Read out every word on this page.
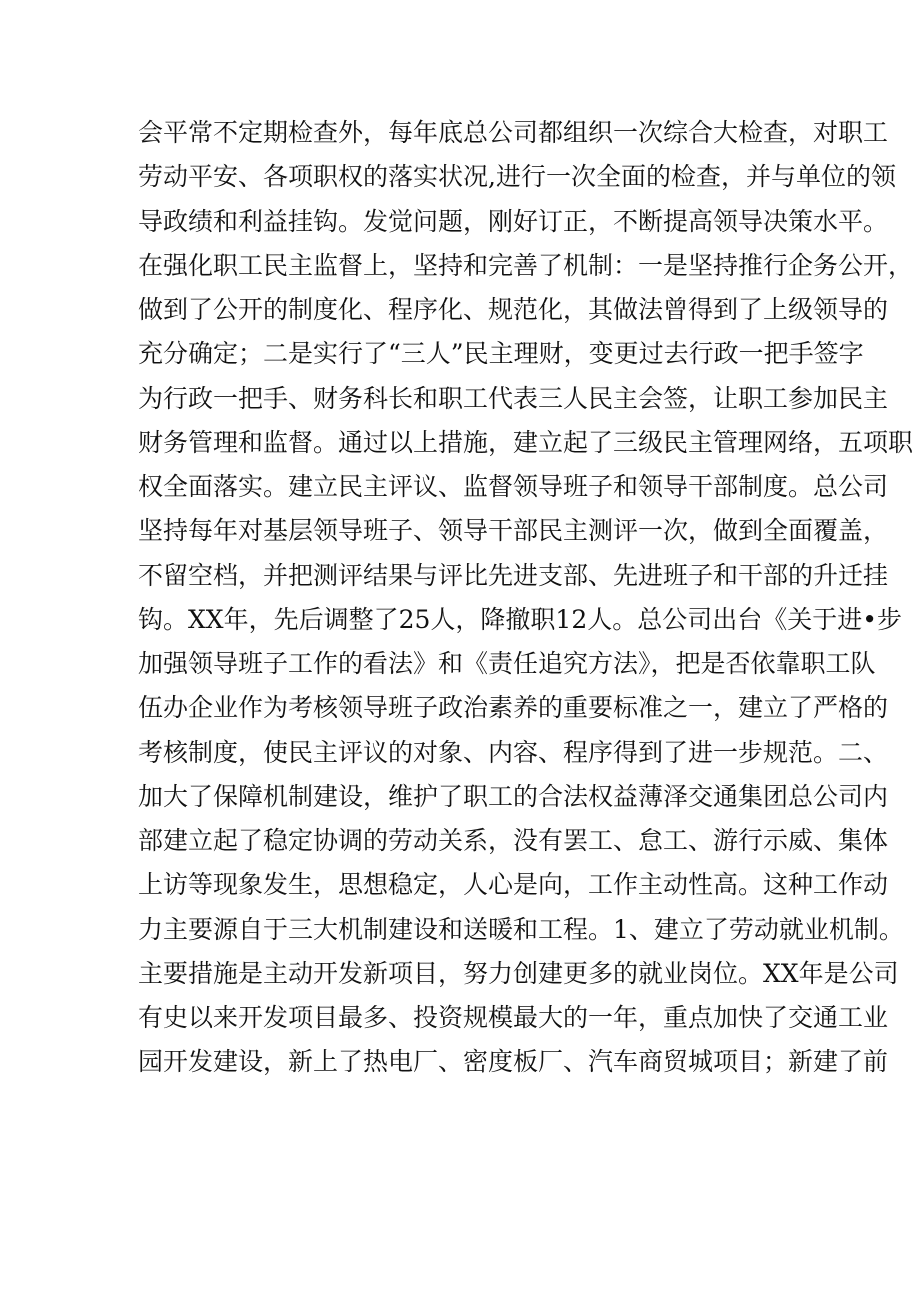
会平常不定期检查外，每年底总公司都组织一次综合大检查，对职工
劳动平安、各项职权的落实状况,进行一次全面的检查，并与单位的领
导政绩和利益挂钩。发觉问题，刚好订正，不断提高领导决策水平。
在强化职工民主监督上，坚持和完善了机制：一是坚持推行企务公开，
做到了公开的制度化、程序化、规范化，其做法曾得到了上级领导的
充分确定；二是实行了“三人”民主理财，变更过去行政一把手签字
为行政一把手、财务科长和职工代表三人民主会签，让职工参加民主
财务管理和监督。通过以上措施，建立起了三级民主管理网络，五项职
权全面落实。建立民主评议、监督领导班子和领导干部制度。总公司
坚持每年对基层领导班子、领导干部民主测评一次，做到全面覆盖，
不留空档，并把测评结果与评比先进支部、先进班子和干部的升迁挂
钩。XX年，先后调整了25人，降撤职12人。总公司出台《关于进•步
加强领导班子工作的看法》和《责任追究方法》，把是否依靠职工队
伍办企业作为考核领导班子政治素养的重要标准之一，建立了严格的
考核制度，使民主评议的对象、内容、程序得到了进一步规范。二、
加大了保障机制建设，维护了职工的合法权益薄泽交通集团总公司内
部建立起了稳定协调的劳动关系，没有罢工、怠工、游行示威、集体
上访等现象发生，思想稳定，人心是向，工作主动性高。这种工作动
力主要源自于三大机制建设和送暖和工程。1、建立了劳动就业机制。
主要措施是主动开发新项目，努力创建更多的就业岗位。XX年是公司
有史以来开发项目最多、投资规模最大的一年，重点加快了交通工业
园开发建设，新上了热电厂、密度板厂、汽车商贸城项目；新建了前
